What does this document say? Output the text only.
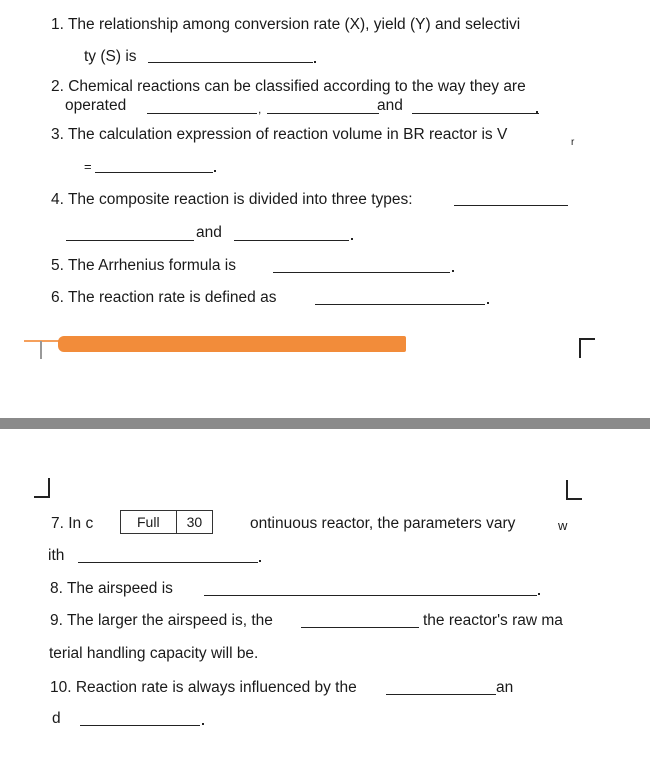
1. The relationship among conversion rate (X), yield (Y) and selectivi
ty (S) is
2. Chemical reactions can be classified according to the way they are
operated	,	and
3. The calculation expression of reaction volume in BR reactor is V	r
=
4. The composite reaction is divided into three types:
and
5. The Arrhenius formula is
6. The reaction rate is defined as
7. In c	Full	30	ontinuous reactor, the parameters vary	w
ith
8. The airspeed is
9. The larger the airspeed is, the	the reactor's raw ma
terial handling capacity will be.
10. Reaction rate is always influenced by the	an
d
